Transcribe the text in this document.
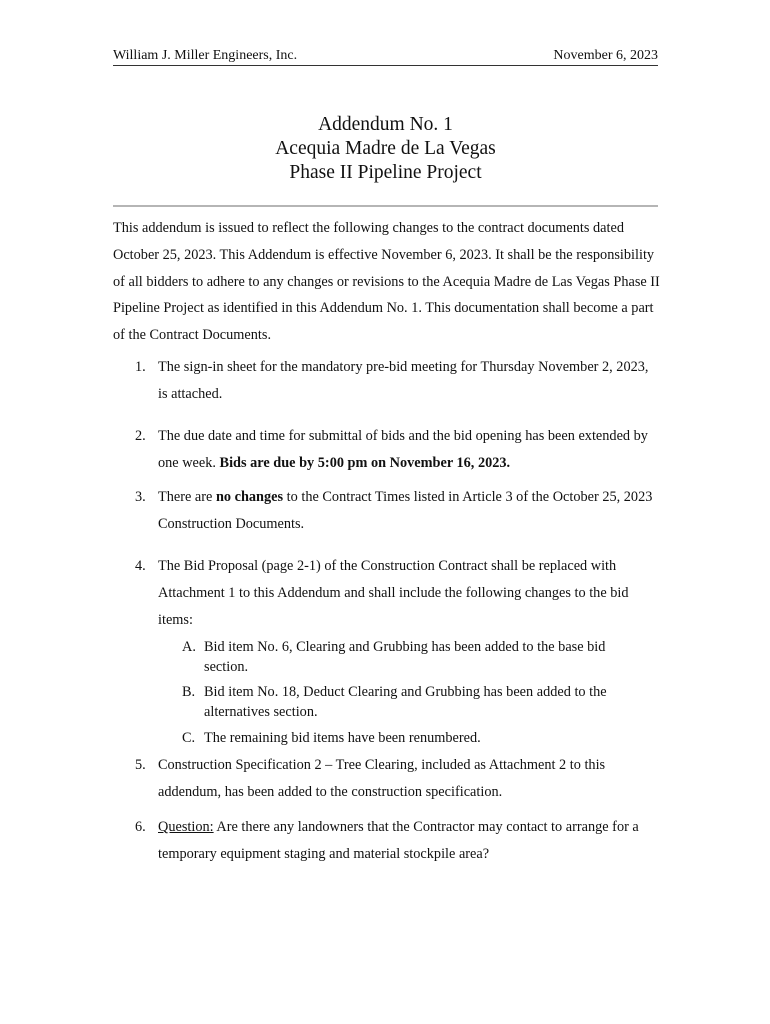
William J. Miller Engineers, Inc.	November 6, 2023
Addendum No. 1
Acequia Madre de La Vegas
Phase II Pipeline Project

This addendum is issued to reflect the following changes to the contract documents dated October 25, 2023. This Addendum is effective November 6, 2023. It shall be the responsibility of all bidders to adhere to any changes or revisions to the Acequia Madre de Las Vegas Phase II Pipeline Project as identified in this Addendum No. 1. This documentation shall become a part of the Contract Documents.

1. The sign-in sheet for the mandatory pre-bid meeting for Thursday November 2, 2023, is attached.
2. The due date and time for submittal of bids and the bid opening has been extended by one week. Bids are due by 5:00 pm on November 16, 2023.
3. There are no changes to the Contract Times listed in Article 3 of the October 25, 2023 Construction Documents.
4. The Bid Proposal (page 2-1) of the Construction Contract shall be replaced with Attachment 1 to this Addendum and shall include the following changes to the bid items:
A. Bid item No. 6, Clearing and Grubbing has been added to the base bid section.
B. Bid item No. 18, Deduct Clearing and Grubbing has been added to the alternatives section.
C. The remaining bid items have been renumbered.
5. Construction Specification 2 – Tree Clearing, included as Attachment 2 to this addendum, has been added to the construction specification.
6. Question: Are there any landowners that the Contractor may contact to arrange for a temporary equipment staging and material stockpile area?
